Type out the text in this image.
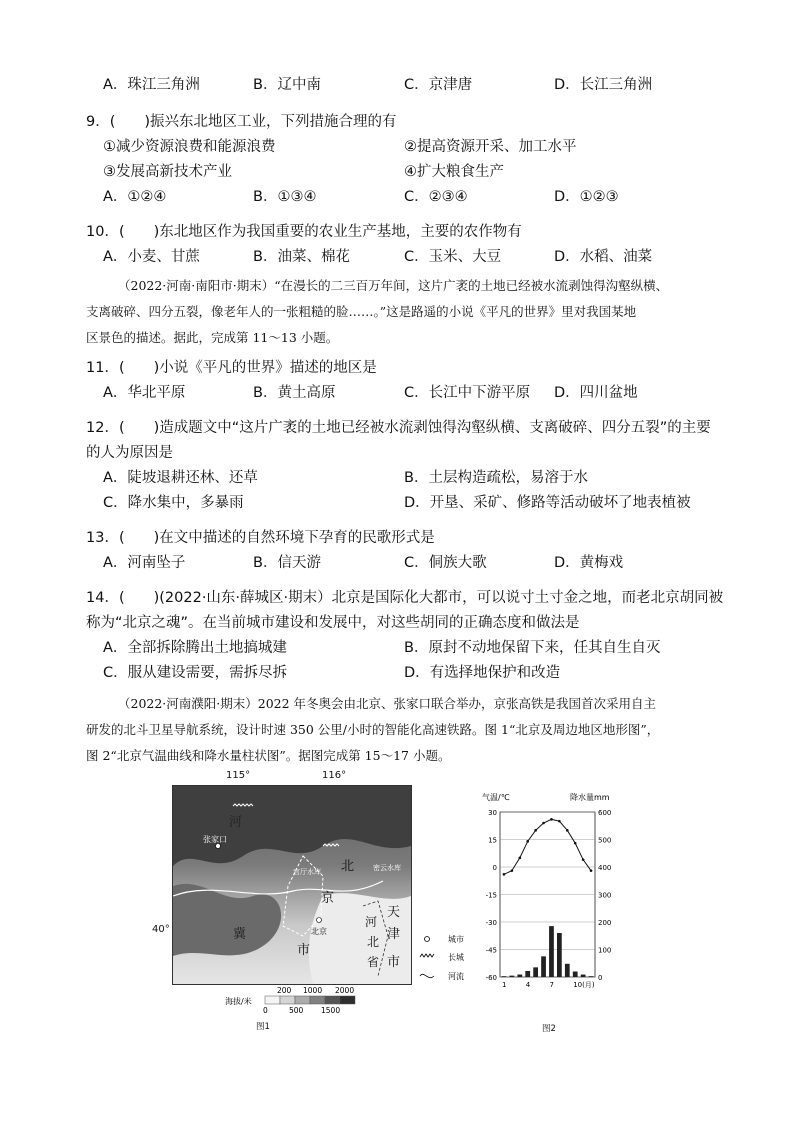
A．珠江三角洲	B．辽中南	C．京津唐	D．长江三角洲
9．(　　)振兴东北地区工业，下列措施合理的有
①减少资源浪费和能源浪费	②提高资源开采、加工水平
③发展高新技术产业	④扩大粮食生产
A．①②④	B．①③④	C．②③④	D．①②③
10．(　　)东北地区作为我国重要的农业生产基地，主要的农作物有
A．小麦、甘蔗	B．油菜、棉花	C．玉米、大豆	D．水稻、油菜
（2022·河南·南阳市·期末）“在漫长的二三百万年间，这片广袤的土地已经被水流剥蚀得沟壑纵横、
支离破碎、四分五裂，像老年人的一张粗糙的脸……。”这是路遥的小说《平凡的世界》里对我国某地
区景色的描述。据此，完成第 11～13 小题。
11．(　　)小说《平凡的世界》描述的地区是
A．华北平原	B．黄土高原	C．长江中下游平原 D．四川盆地
12．(　　)造成题文中“这片广袤的土地已经被水流剥蚀得沟壑纵横、支离破碎、四分五裂”的主要
的人为原因是
A．陡坡退耕还林、还草	B．土层构造疏松，易溶于水
C．降水集中，多暴雨	D．开垦、采矿、修路等活动破坏了地表植被
13．(　　)在文中描述的自然环境下孕育的民歌形式是
A．河南坠子	B．信天游	C．侗族大歌	D．黄梅戏
14．(　　)(2022·山东·薛城区·期末）北京是国际化大都市，可以说寸土寸金之地，而老北京胡同被
称为“北京之魂”。在当前城市建设和发展中，对这些胡同的正确态度和做法是
A．全部拆除腾出土地搞城建	B．原封不动地保留下来，任其自生自灭
C．服从建设需要，需拆尽拆	D．有选择地保护和改造
（2022·河南濮阳·期末）2022 年冬奥会由北京、张家口联合举办，京张高铁是我国首次采用自主
研发的北斗卫星导航系统，设计时速 350 公里/小时的智能化高速铁路。图 1“北京及周边地区地形图”，
图 2“北京气温曲线和降水量柱状图”。据图完成第 15～17 小题。
115°	116°
40°
张家口
北京
官厅水库	密云水库
河
北
京
市
冀
河
北
省
天
津
市
城市
长城
河流
200 1000 2000
海拔/米
0	500 1500
图1
气温/℃	降水量mm
30	600
15	500
0	400
-15	300
-30	200
-45	100
-60	0
1	4	7	10(月)
图2
